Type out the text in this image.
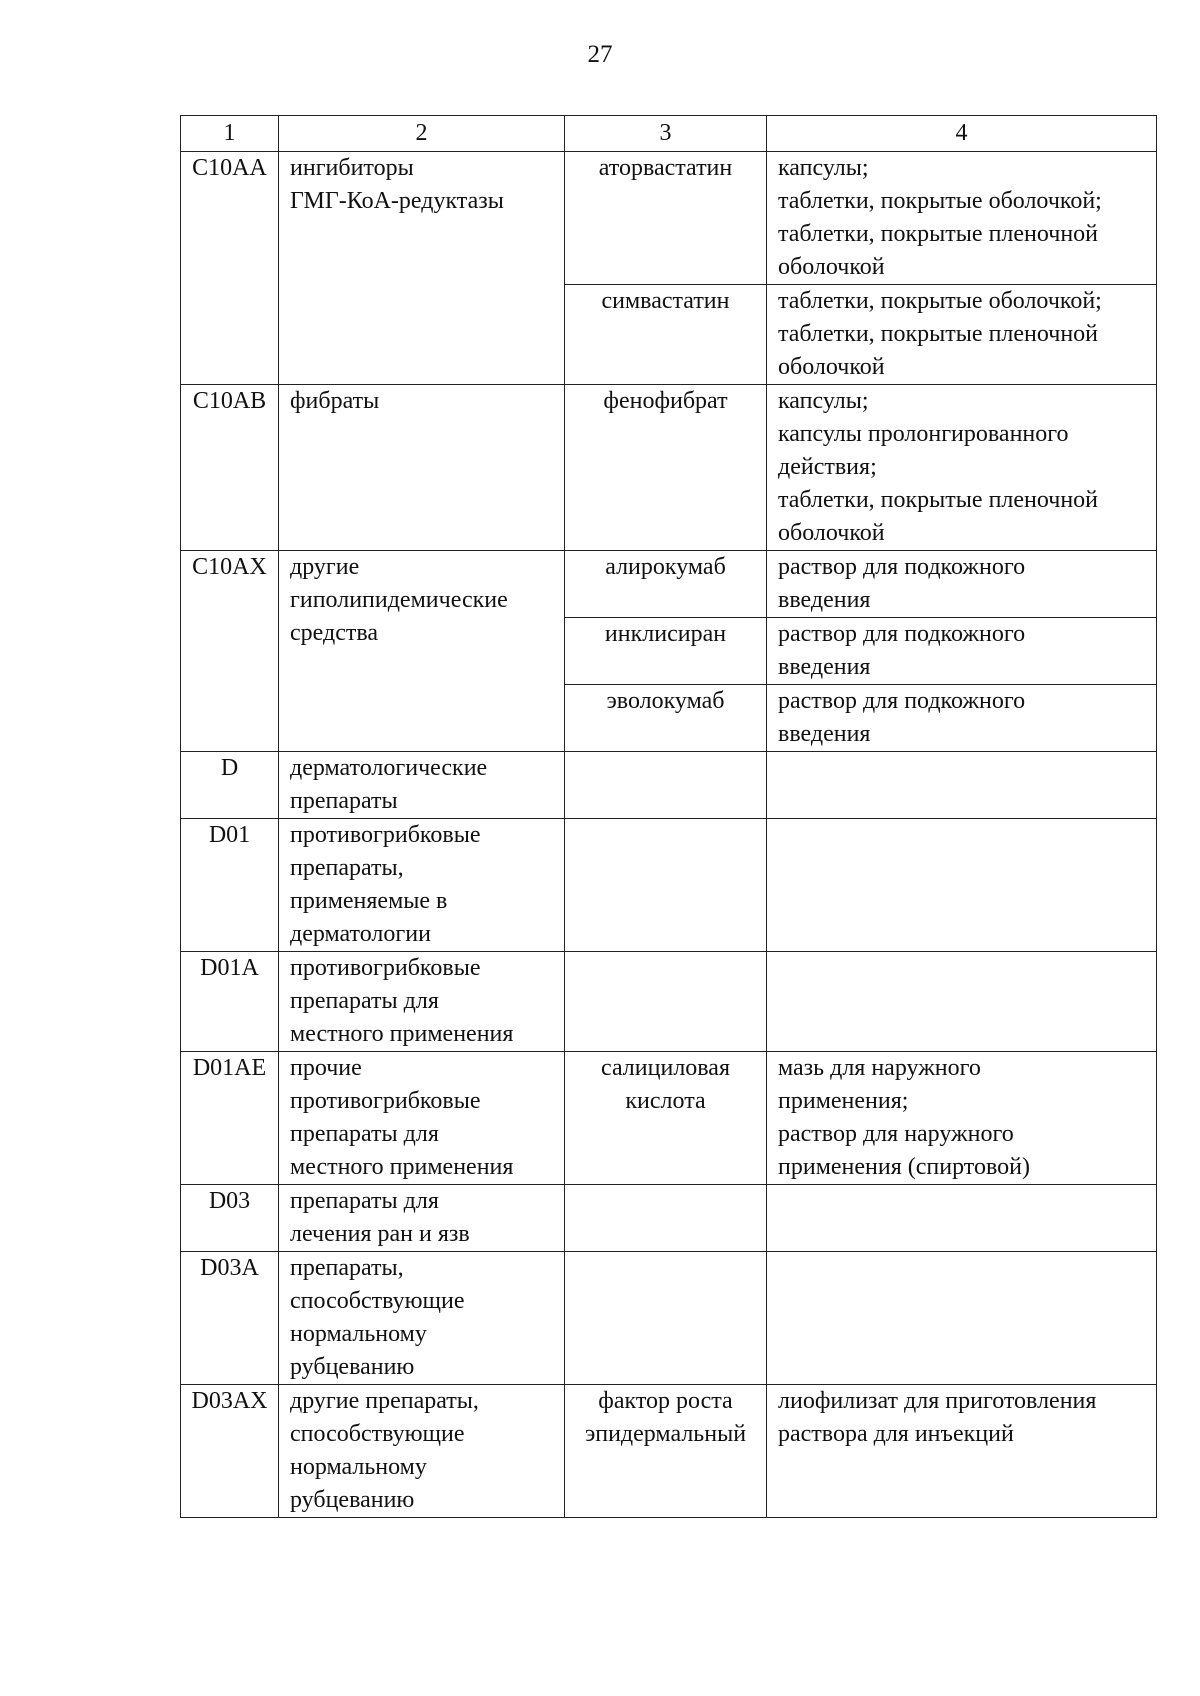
27
1	2	3	4

C10AA	ингибиторы
ГМГ-КоА-редуктазы	аторвастатин	капсулы;
таблетки, покрытые оболочкой;
таблетки, покрытые пленочной
оболочкой

		симвастатин	таблетки, покрытые оболочкой;
таблетки, покрытые пленочной
оболочкой

C10AB	фибраты	фенофибрат	капсулы;
капсулы пролонгированного
действия;
таблетки, покрытые пленочной
оболочкой

C10AX	другие
гиполипидемические
средства	алирокумаб	раствор для подкожного
введения

		инклисиран	раствор для подкожного
введения

		эволокумаб	раствор для подкожного
введения

D	дерматологические
препараты		

D01	противогрибковые
препараты,
применяемые в
дерматологии		

D01A	противогрибковые
препараты для
местного применения		

D01AE	прочие
противогрибковые
препараты для
местного применения	салициловая
кислота	мазь для наружного
применения;
раствор для наружного
применения (спиртовой)

D03	препараты для
лечения ран и язв		

D03A	препараты,
способствующие
нормальному
рубцеванию		

D03AX	другие препараты,
способствующие
нормальному
рубцеванию	фактор роста
эпидермальный	лиофилизат для приготовления
раствора для инъекций
